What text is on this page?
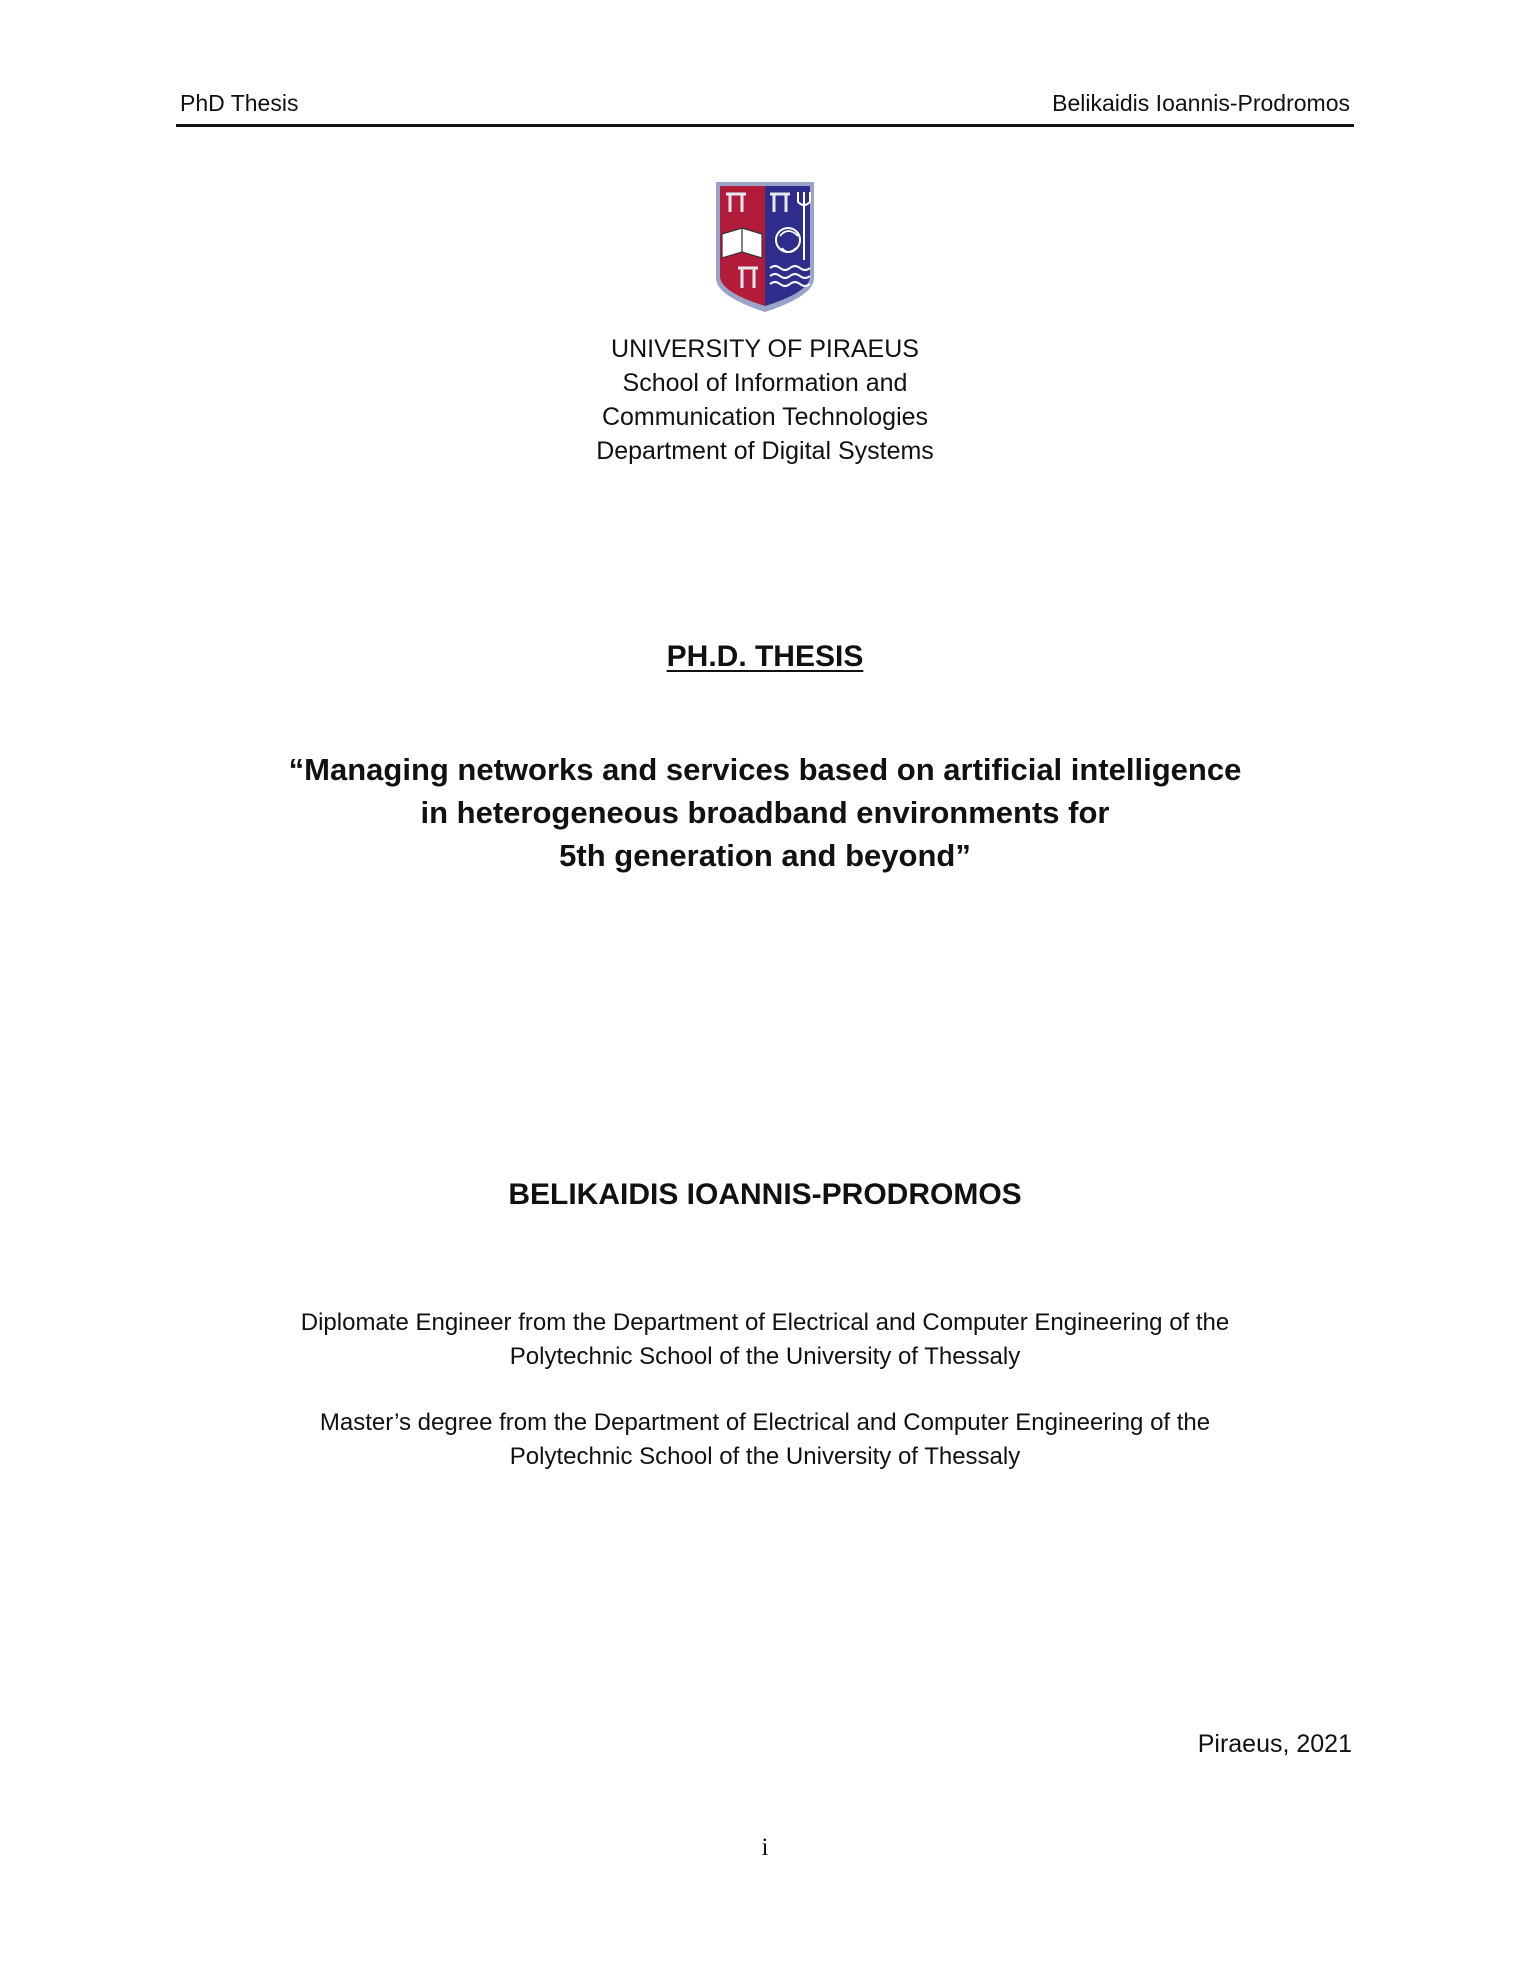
PhD Thesis	Belikaidis Ioannis-Prodromos
UNIVERSITY OF PIRAEUS
School of Information and
Communication Technologies
Department of Digital Systems
PH.D. THESIS
“Managing networks and services based on artificial intelligence
in heterogeneous broadband environments for
5th generation and beyond”
BELIKAIDIS IOANNIS-PRODROMOS
Diplomate Engineer from the Department of Electrical and Computer Engineering of the
Polytechnic School of the University of Thessaly
Master’s degree from the Department of Electrical and Computer Engineering of the
Polytechnic School of the University of Thessaly
Piraeus, 2021
i
